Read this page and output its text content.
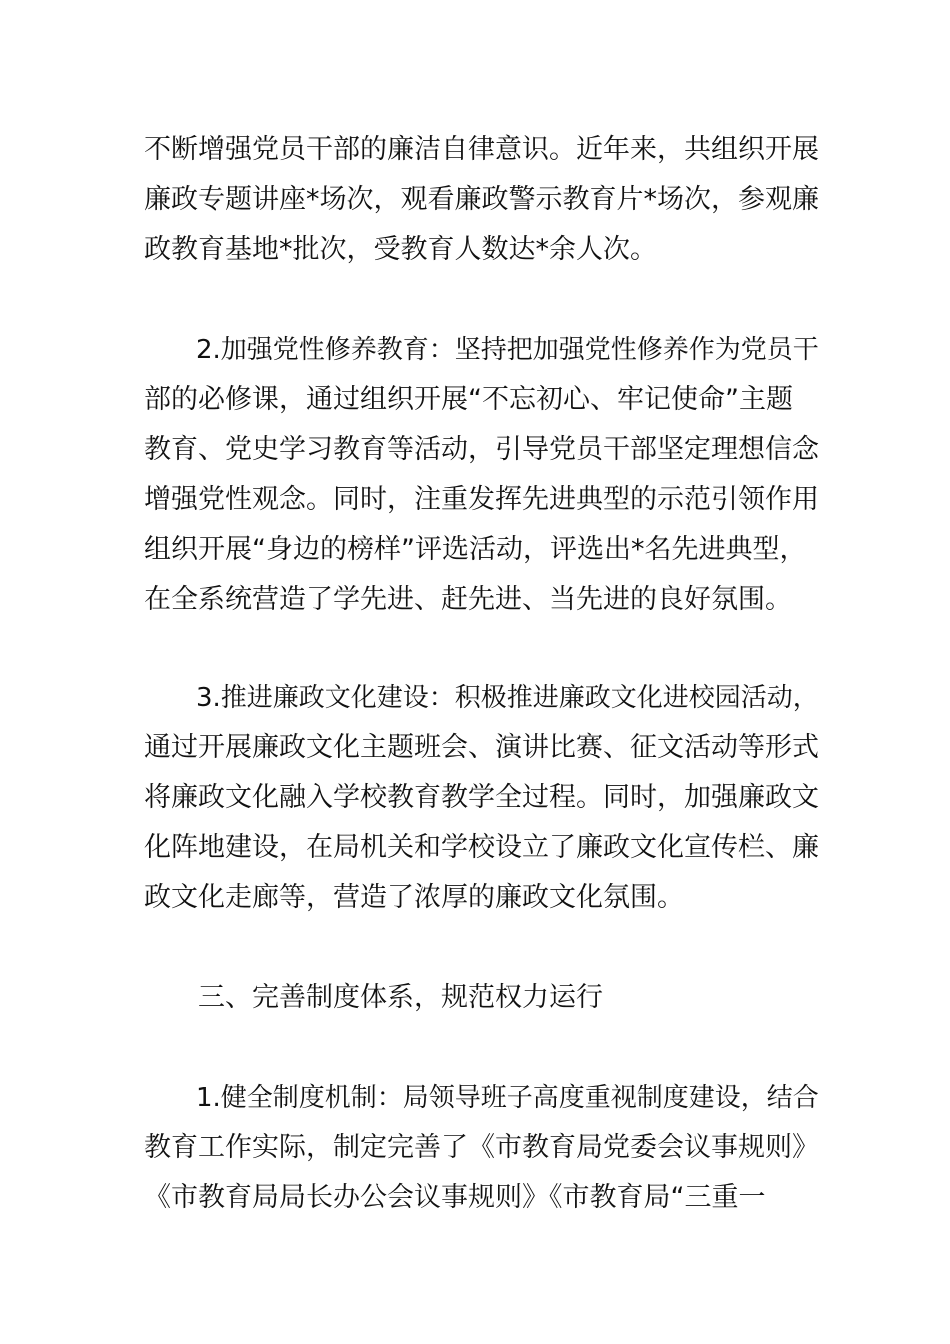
不断增强党员干部的廉洁自律意识。近年来，共组织开展
廉政专题讲座*场次，观看廉政警示教育片*场次，参观廉
政教育基地*批次，受教育人数达*余人次。
　　2.加强党性修养教育：坚持把加强党性修养作为党员干
部的必修课，通过组织开展“不忘初心、牢记使命”主题
教育、党史学习教育等活动，引导党员干部坚定理想信念
增强党性观念。同时，注重发挥先进典型的示范引领作用
组织开展“身边的榜样”评选活动，评选出*名先进典型，
在全系统营造了学先进、赶先进、当先进的良好氛围。
　　3.推进廉政文化建设：积极推进廉政文化进校园活动，
通过开展廉政文化主题班会、演讲比赛、征文活动等形式
将廉政文化融入学校教育教学全过程。同时，加强廉政文
化阵地建设，在局机关和学校设立了廉政文化宣传栏、廉
政文化走廊等，营造了浓厚的廉政文化氛围。
　　三、完善制度体系，规范权力运行
　　1.健全制度机制：局领导班子高度重视制度建设，结合
教育工作实际，制定完善了《市教育局党委会议事规则》
《市教育局局长办公会议事规则》《市教育局“三重一
